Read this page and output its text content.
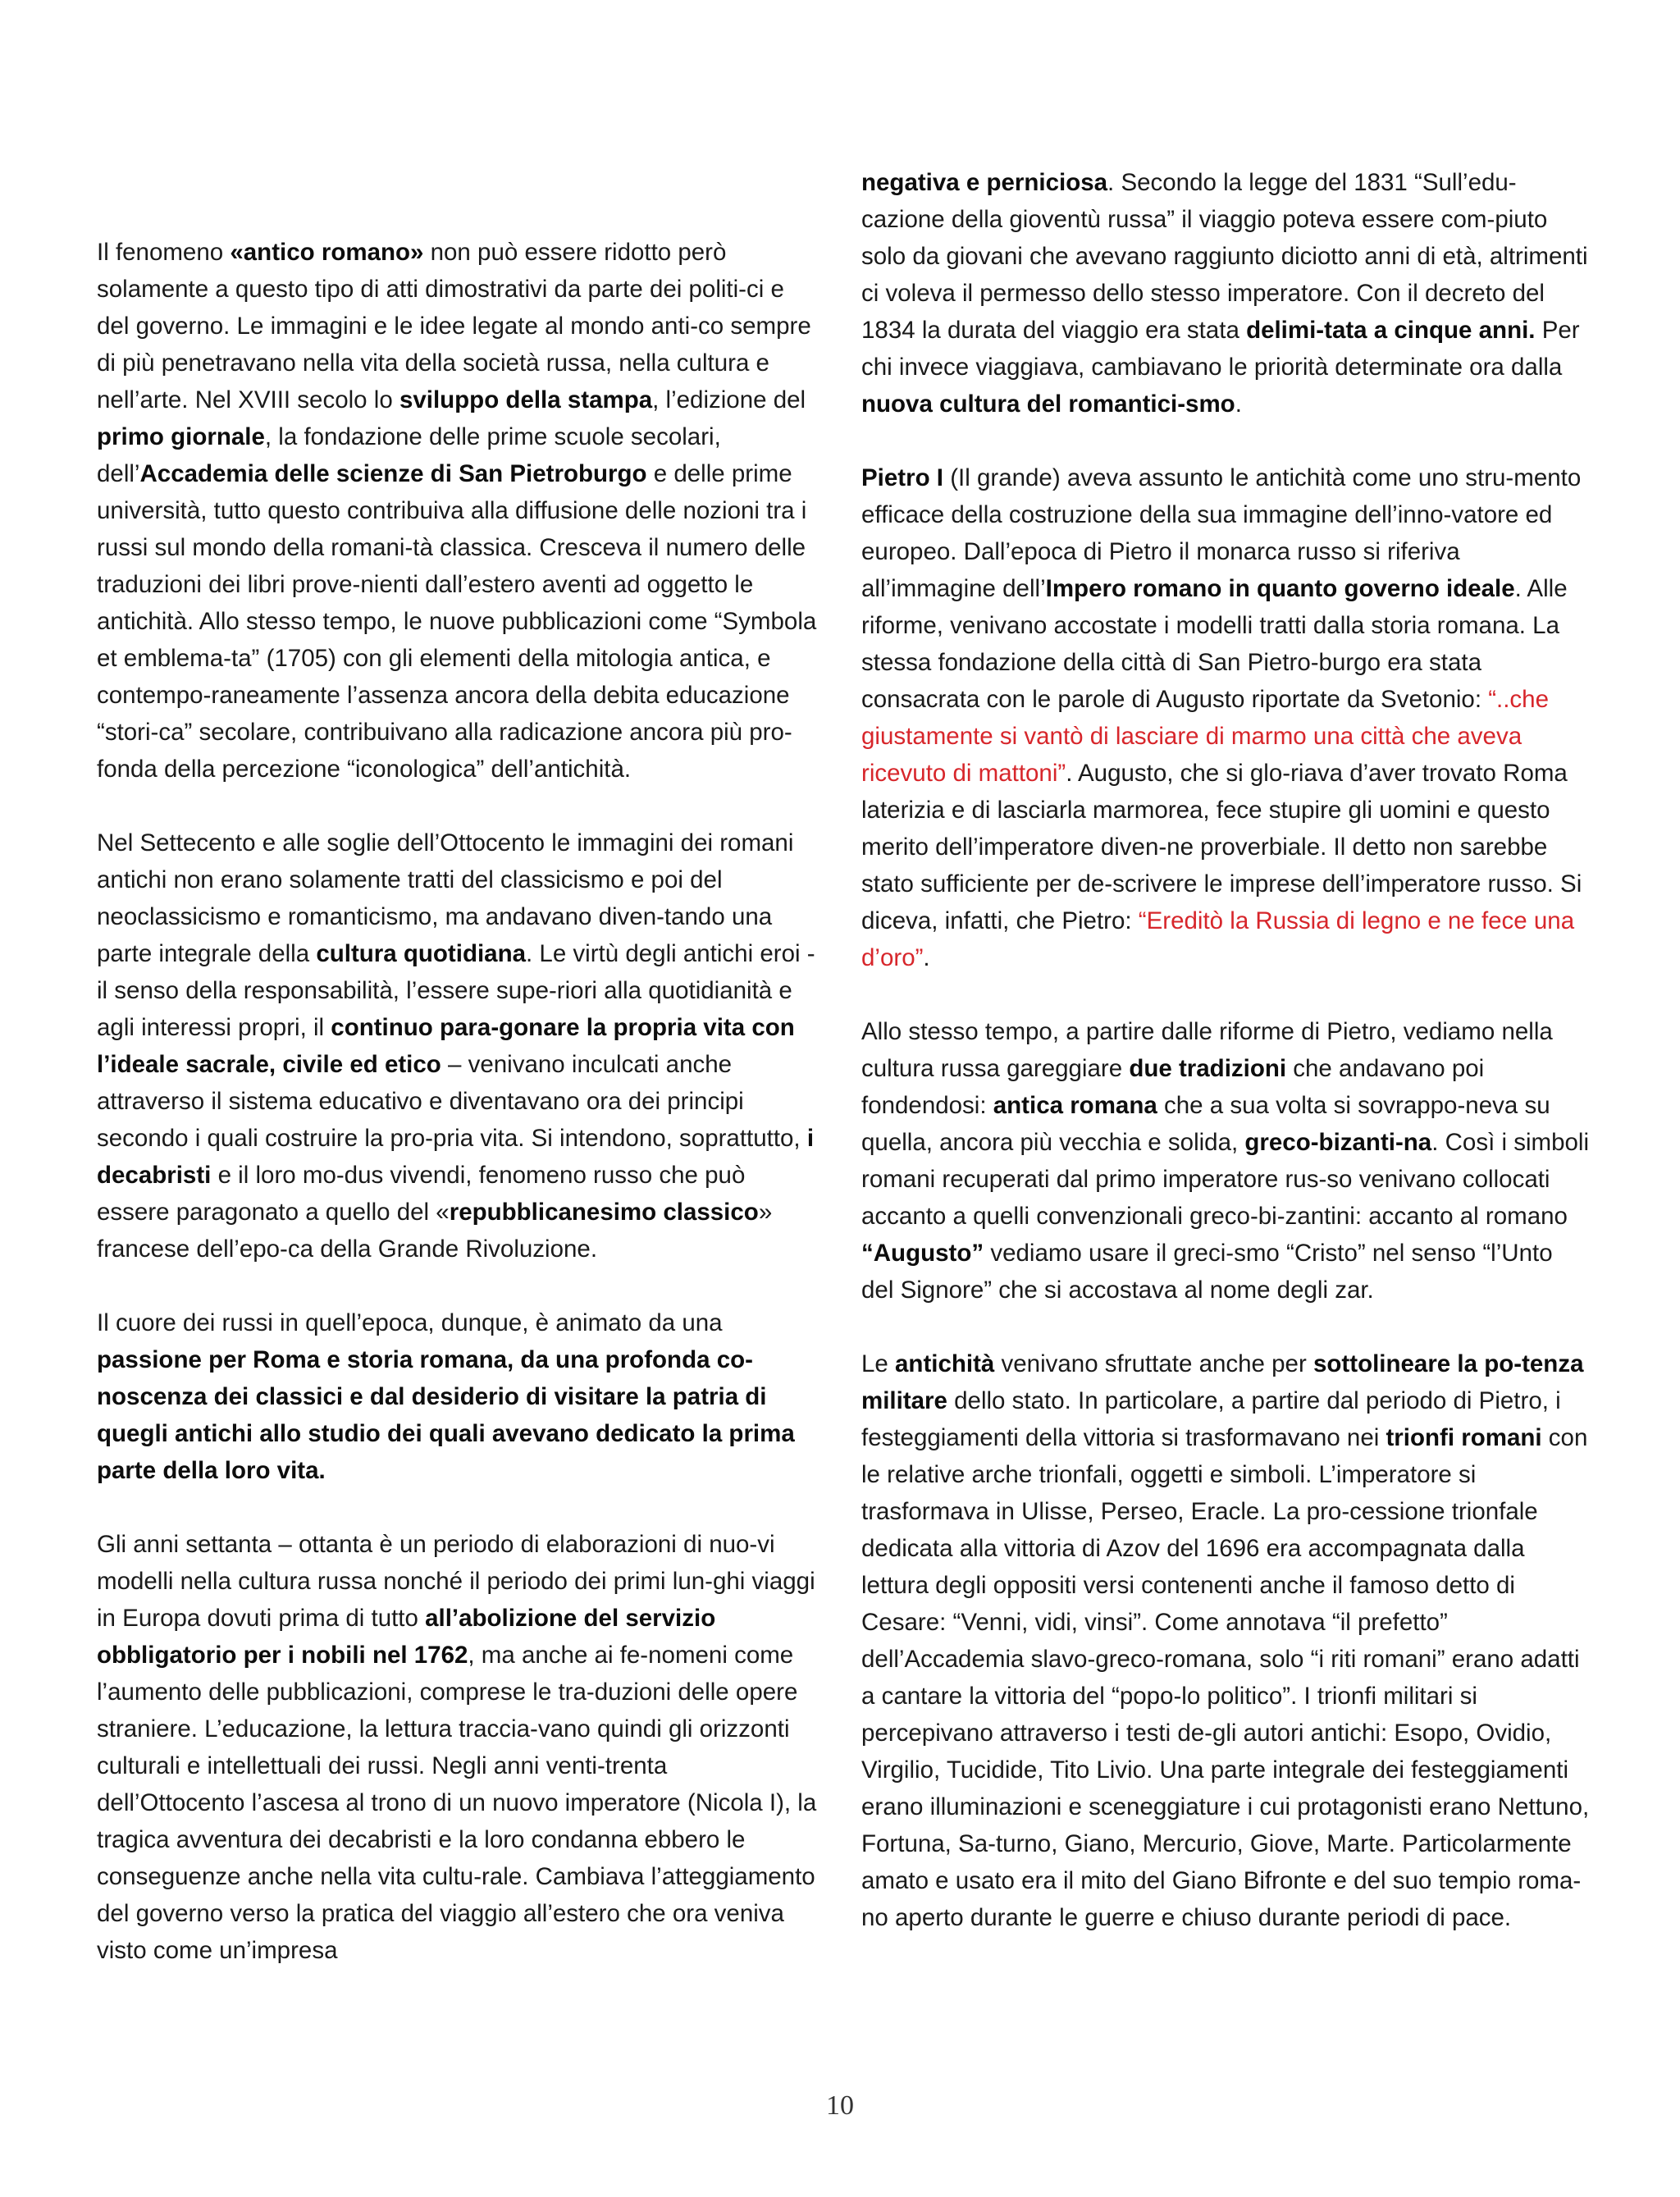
Il fenomeno «antico romano» non può essere ridotto però solamente a questo tipo di atti dimostrativi da parte dei politi-ci e del governo. Le immagini e le idee legate al mondo anti-co sempre di più penetravano nella vita della società russa, nella cultura e nell’arte. Nel XVIII secolo lo sviluppo della stampa, l’edizione del primo giornale, la fondazione delle prime scuole secolari, dell’Accademia delle scienze di San Pietroburgo e delle prime università, tutto questo contribuiva alla diffusione delle nozioni tra i russi sul mondo della romani-tà classica. Cresceva il numero delle traduzioni dei libri prove-nienti dall’estero aventi ad oggetto le antichità. Allo stesso tempo, le nuove pubblicazioni come “Symbola et emblema-ta” (1705) con gli elementi della mitologia antica, e contempo-raneamente l’assenza ancora della debita educazione “stori-ca” secolare, contribuivano alla radicazione ancora più pro-fonda della percezione “iconologica” dell’antichità.

Nel Settecento e alle soglie dell’Ottocento le immagini dei romani antichi non erano solamente tratti del classicismo e poi del neoclassicismo e romanticismo, ma andavano diven-tando una parte integrale della cultura quotidiana. Le virtù degli antichi eroi - il senso della responsabilità, l’essere supe-riori alla quotidianità e agli interessi propri, il continuo para-gonare la propria vita con l’ideale sacrale, civile ed etico – venivano inculcati anche attraverso il sistema educativo e diventavano ora dei principi secondo i quali costruire la pro-pria vita. Si intendono, soprattutto, i decabristi e il loro mo-dus vivendi, fenomeno russo che può essere paragonato a quello del «repubblicanesimo classico» francese dell’epo-ca della Grande Rivoluzione.

Il cuore dei russi in quell’epoca, dunque, è animato da una passione per Roma e storia romana, da una profonda co-noscenza dei classici e dal desiderio di visitare la patria di quegli antichi allo studio dei quali avevano dedicato la prima parte della loro vita.

Gli anni settanta – ottanta è un periodo di elaborazioni di nuo-vi modelli nella cultura russa nonché il periodo dei primi lun-ghi viaggi in Europa dovuti prima di tutto all’abolizione del servizio obbligatorio per i nobili nel 1762, ma anche ai fe-nomeni come l’aumento delle pubblicazioni, comprese le tra-duzioni delle opere straniere. L’educazione, la lettura traccia-vano quindi gli orizzonti culturali e intellettuali dei russi. Negli anni venti-trenta dell’Ottocento l’ascesa al trono di un nuovo imperatore (Nicola I), la tragica avventura dei decabristi e la loro condanna ebbero le conseguenze anche nella vita cultu-rale. Cambiava l’atteggiamento del governo verso la pratica del viaggio all’estero che ora veniva visto come un’impresa

negativa e perniciosa. Secondo la legge del 1831 “Sull’edu-cazione della gioventù russa” il viaggio poteva essere com-piuto solo da giovani che avevano raggiunto diciotto anni di età, altrimenti ci voleva il permesso dello stesso imperatore. Con il decreto del 1834 la durata del viaggio era stata delimi-tata a cinque anni. Per chi invece viaggiava, cambiavano le priorità determinate ora dalla nuova cultura del romantici-smo.

Pietro I (Il grande) aveva assunto le antichità come uno stru-mento efficace della costruzione della sua immagine dell’inno-vatore ed europeo. Dall’epoca di Pietro il monarca russo si riferiva all’immagine dell’Impero romano in quanto governo ideale. Alle riforme, venivano accostate i modelli tratti dalla storia romana. La stessa fondazione della città di San Pietro-burgo era stata consacrata con le parole di Augusto riportate da Svetonio: “..che giustamente si vantò di lasciare di marmo una città che aveva ricevuto di mattoni”. Augusto, che si glo-riava d’aver trovato Roma laterizia e di lasciarla marmorea, fece stupire gli uomini e questo merito dell’imperatore diven-ne proverbiale. Il detto non sarebbe stato sufficiente per de-scrivere le imprese dell’imperatore russo. Si diceva, infatti, che Pietro: “Ereditò la Russia di legno e ne fece una d’oro”.

Allo stesso tempo, a partire dalle riforme di Pietro, vediamo nella cultura russa gareggiare due tradizioni che andavano poi fondendosi: antica romana che a sua volta si sovrappo-neva su quella, ancora più vecchia e solida, greco-bizanti-na. Così i simboli romani recuperati dal primo imperatore rus-so venivano collocati accanto a quelli convenzionali greco-bi-zantini: accanto al romano “Augusto” vediamo usare il greci-smo “Cristo” nel senso “l’Unto del Signore” che si accostava al nome degli zar.

Le antichità venivano sfruttate anche per sottolineare la po-tenza militare dello stato. In particolare, a partire dal periodo di Pietro, i festeggiamenti della vittoria si trasformavano nei trionfi romani con le relative arche trionfali, oggetti e simboli. L’imperatore si trasformava in Ulisse, Perseo, Eracle. La pro-cessione trionfale dedicata alla vittoria di Azov del 1696 era accompagnata dalla lettura degli oppositi versi contenenti anche il famoso detto di Cesare: “Venni, vidi, vinsi”. Come annotava “il prefetto” dell’Accademia slavo-greco-romana, solo “i riti romani” erano adatti a cantare la vittoria del “popo-lo politico”. I trionfi militari si percepivano attraverso i testi de-gli autori antichi: Esopo, Ovidio, Virgilio, Tucidide, Tito Livio. Una parte integrale dei festeggiamenti erano illuminazioni e sceneggiature i cui protagonisti erano Nettuno, Fortuna, Sa-turno, Giano, Mercurio, Giove, Marte. Particolarmente amato e usato era il mito del Giano Bifronte e del suo tempio roma-no aperto durante le guerre e chiuso durante periodi di pace.

10
